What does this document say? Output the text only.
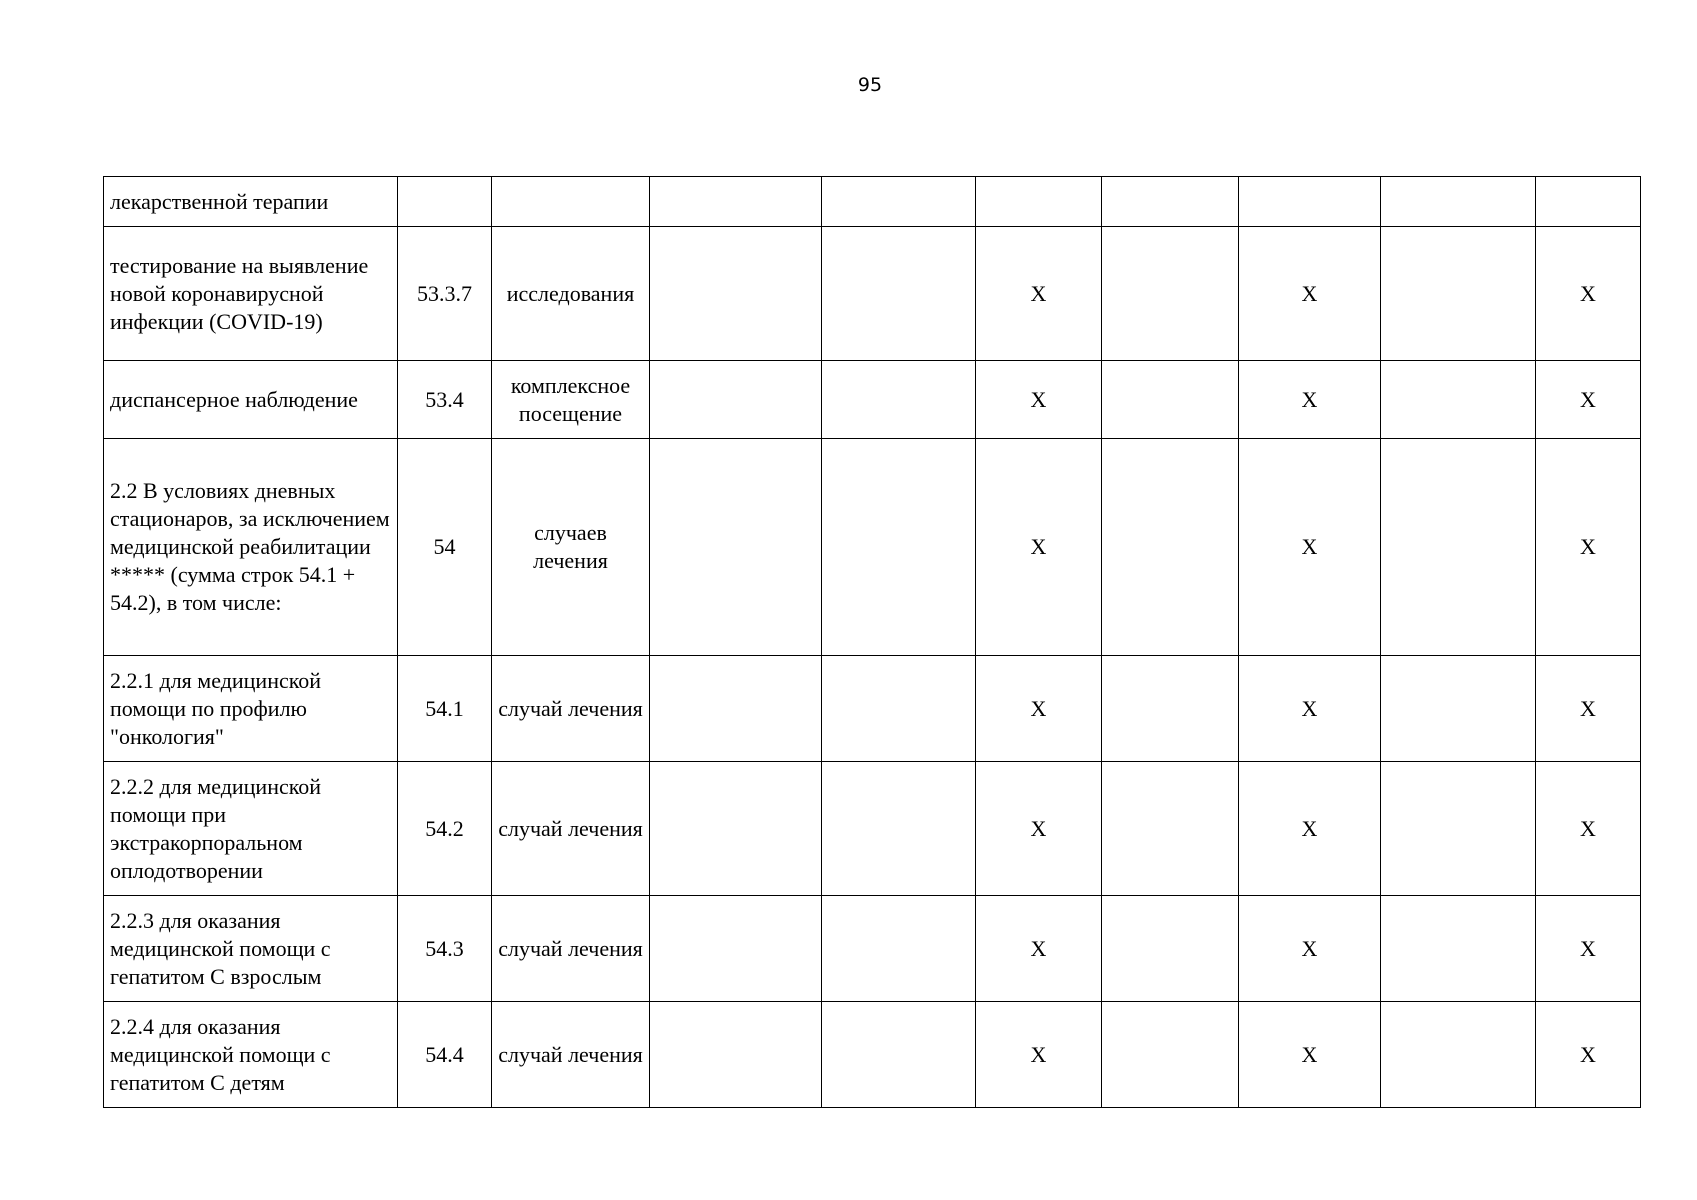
95
лекарственной терапии									
тестирование на выявление новой коронавирусной инфекции (COVID-19)	53.3.7	исследования			X		X		X
диспансерное наблюдение	53.4	комплексное посещение			X		X		X
2.2 В условиях дневных стационаров, за исключением медицинской реабилитации ***** (сумма строк 54.1 + 54.2), в том числе:	54	случаев лечения			X		X		X
2.2.1 для медицинской помощи по профилю "онкология"	54.1	случай лечения			X		X		X
2.2.2 для медицинской помощи при экстракорпоральном оплодотворении	54.2	случай лечения			X		X		X
2.2.3 для оказания медицинской помощи с гепатитом С взрослым	54.3	случай лечения			X		X		X
2.2.4 для оказания медицинской помощи с гепатитом С детям	54.4	случай лечения			X		X		X
